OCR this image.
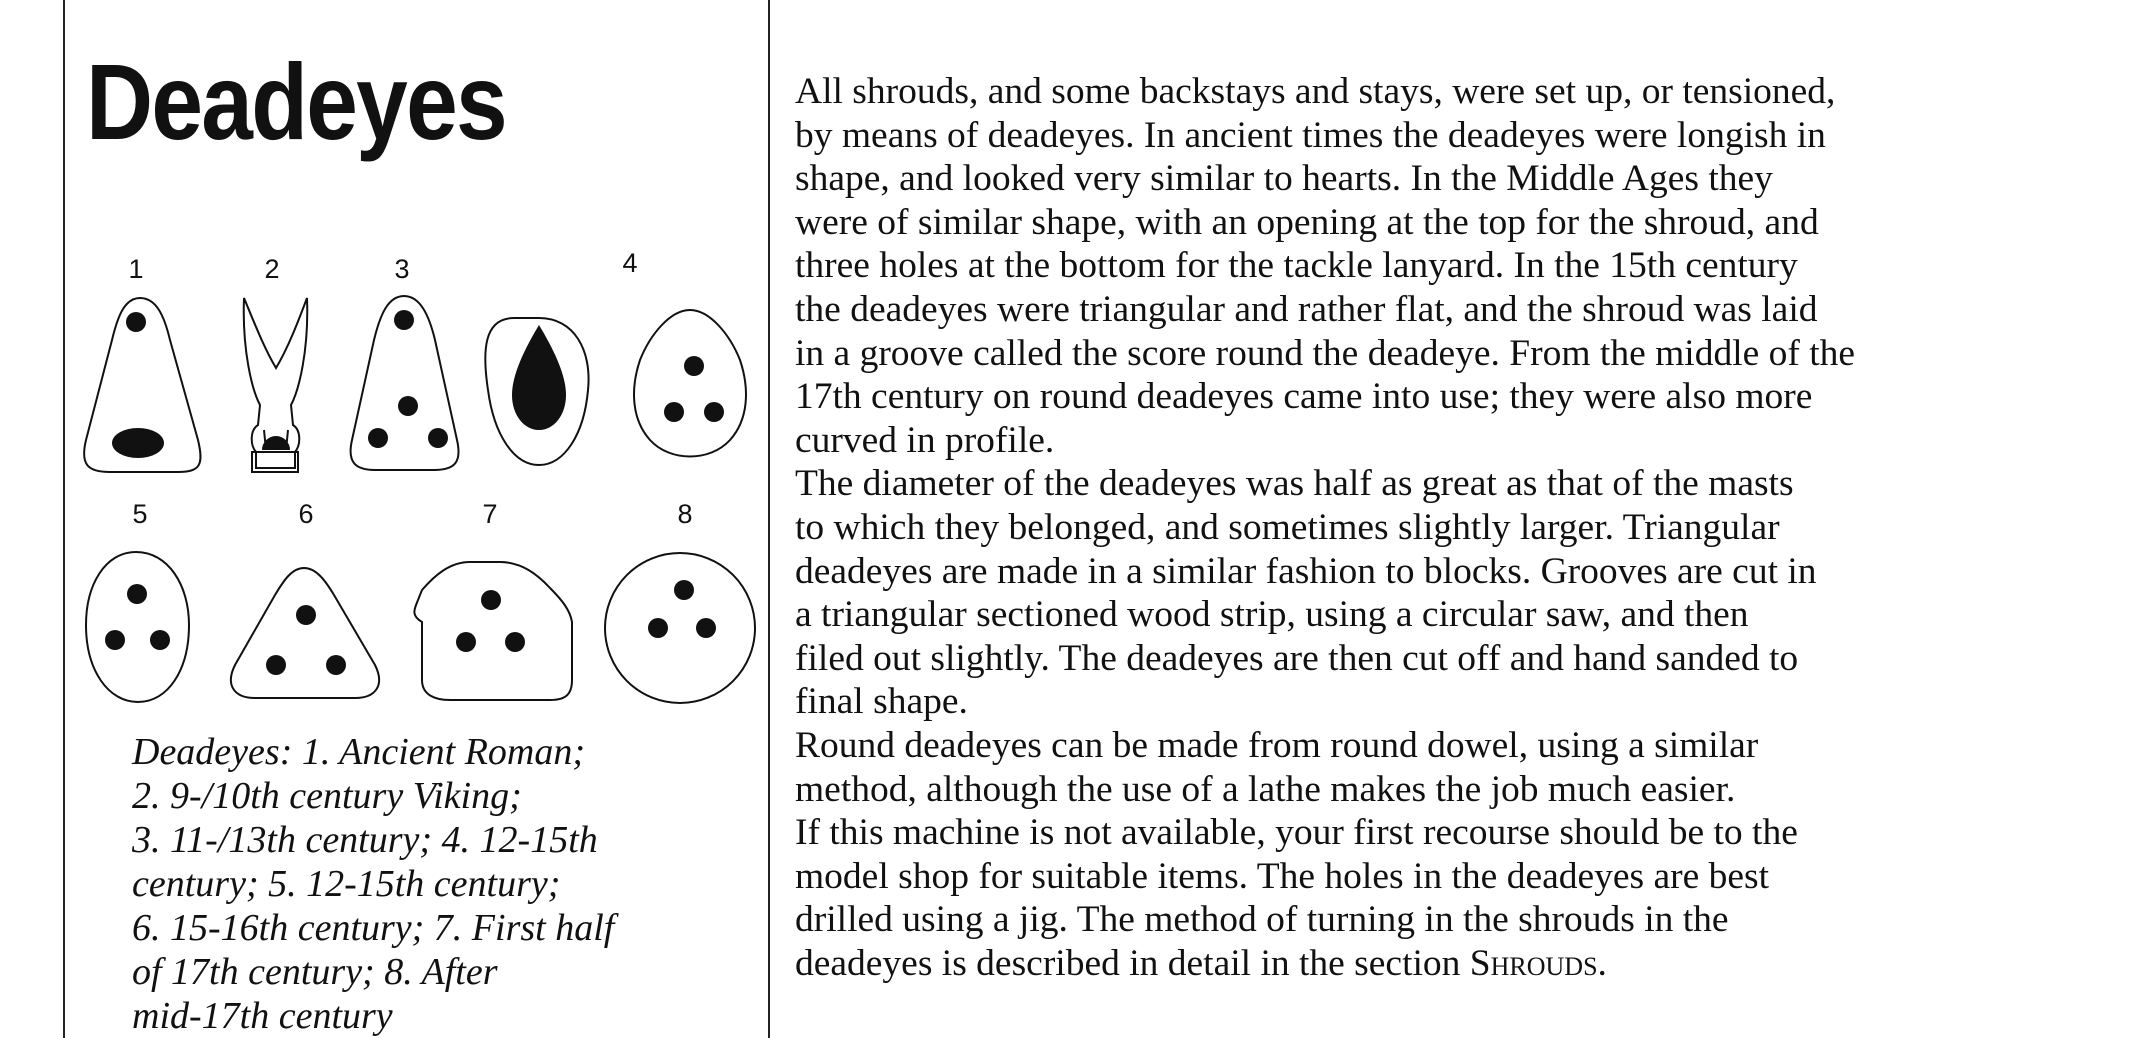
Deadeyes
1	2	3	4
5	6	7	8

Deadeyes: 1. Ancient Roman;
2. 9-/10th century Viking;
3. 11-/13th century; 4. 12-15th
century; 5. 12-15th century;
6. 15-16th century; 7. First half
of 17th century; 8. After
mid-17th century

All shrouds, and some backstays and stays, were set up, or tensioned,
by means of deadeyes. In ancient times the deadeyes were longish in
shape, and looked very similar to hearts. In the Middle Ages they
were of similar shape, with an opening at the top for the shroud, and
three holes at the bottom for the tackle lanyard. In the 15th century
the deadeyes were triangular and rather flat, and the shroud was laid
in a groove called the score round the deadeye. From the middle of the
17th century on round deadeyes came into use; they were also more
curved in profile.
The diameter of the deadeyes was half as great as that of the masts
to which they belonged, and sometimes slightly larger. Triangular
deadeyes are made in a similar fashion to blocks. Grooves are cut in
a triangular sectioned wood strip, using a circular saw, and then
filed out slightly. The deadeyes are then cut off and hand sanded to
final shape.
Round deadeyes can be made from round dowel, using a similar
method, although the use of a lathe makes the job much easier.
If this machine is not available, your first recourse should be to the
model shop for suitable items. The holes in the deadeyes are best
drilled using a jig. The method of turning in the shrouds in the
deadeyes is described in detail in the section Shrouds.
